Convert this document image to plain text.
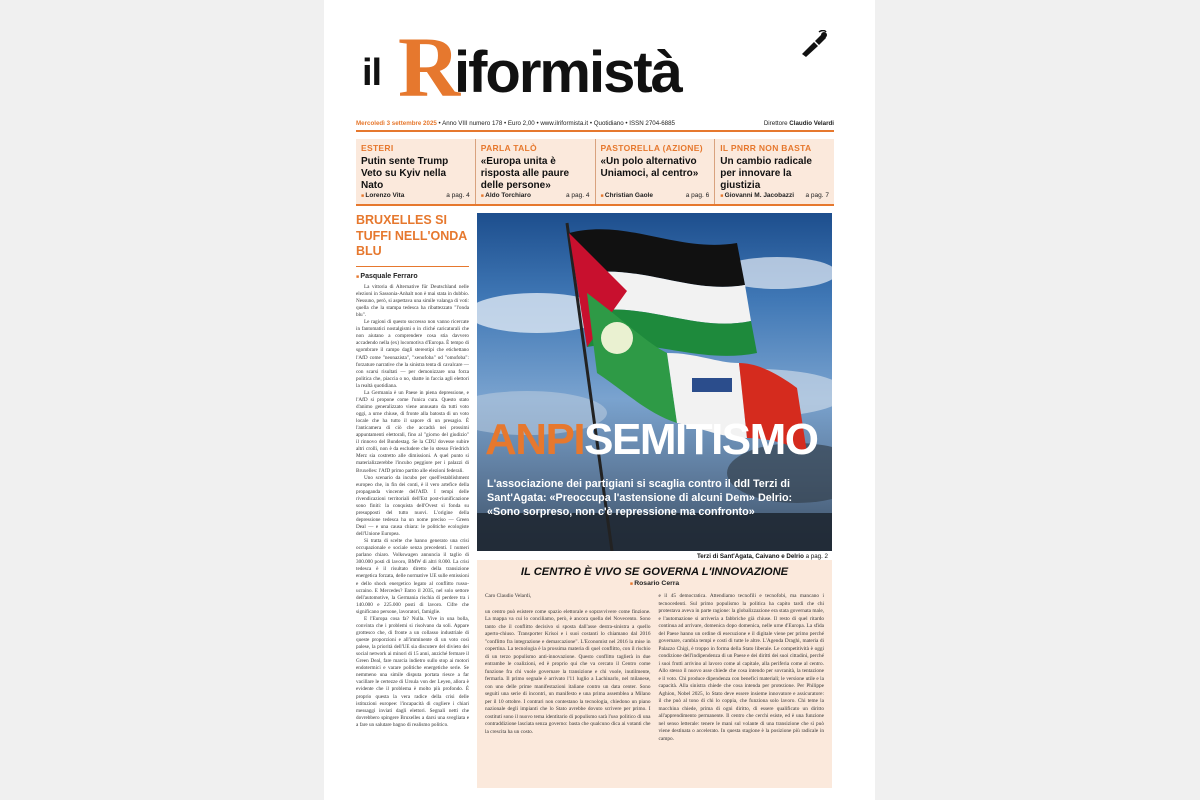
il R
iformistà
Mercoledì 3 settembre 2025 • Anno VIII numero 178 • Euro 2,00 • www.ilriformista.it • Quotidiano • ISSN 2704-6885	Direttore Claudio Velardi
ESTERI
Putin sente Trump Veto su Kyiv nella Nato
■ Lorenzo Vita	a pag. 4
PARLA TALÒ
«Europa unita è risposta alle paure delle persone»
■ Aldo Torchiaro	a pag. 4
PASTORELLA (AZIONE)
«Un polo alternativo Uniamoci, al centro»
■ Christian Gaole	a pag. 6
IL PNRR NON BASTA
Un cambio radicale per innovare la giustizia
■ Giovanni M. Jacobazzi a pag. 7
BRUXELLES SI TUFFI NELL'ONDA BLU
■ Pasquale Ferraro

La vittoria di Alternative für Deutschland nelle elezioni in Sassonia-Anhalt non è mai stata in dubbio. Nessuno, però, si aspettava una simile valanga di voti: quella che la stampa tedesca ha ribattezzato "l'onda blu".

Le ragioni di questo successo non vanno ricercate in fantomatici nostalgismi o in cliché caricaturali che non aiutano a comprendere cosa stia davvero accadendo nella (ex) locomotiva d'Europa. È tempo di sgombrare il campo dagli stereotipi che etichettano l'AfD come "neonazista", "xenofoba" od "omofoba": forzature narrative che la sinistra tenta di cavalcare — con scarsi risultati — per demonizzare una forza politica che, piaccia o no, sbatte in faccia agli elettori la realtà quotidiana.

La Germania è un Paese in piena depressione, e l'AfD si propone come l'unica cura. Questo stato d'animo generalizzato viene annusato da tutti voto oggi, a urne chiuse, di fronte alla batosta di un voto locale che ha tutto il sapore di un presagio. È l'anticamera di ciò che accadrà nei prossimi appuntamenti elettorali, fino al "giorno del giudizio" il rinnovo del Bundestag. Se la CDU dovesse subire altri crolli, non è da escludere che lo stesso Friedrich Merz sia costretto alle dimissioni. A quel punto si materializzerebbe l'incubo peggiore per i palazzi di Bruxelles: l'AfD primo partito alle elezioni federali.

Uno scenario da incubo per quell'establishment europeo che, in fin dei conti, è il vero artefice della propaganda vincente dell'AfD. I tempi delle rivendicazioni territoriali dell'Est post-riunificazione sono finiti: la conquista dell'Ovest si fonda su presupposti del tutto nuovi. L'origine della depressione tedesca ha un nome preciso — Green Deal — e una causa chiara: le politiche ecologiste dell'Unione Europea.

Si tratta di scelte che hanno generato una crisi occupazionale e sociale senza precedenti. I numeri parlano chiaro. Volkswagen annuncia il taglio di 300.000 posti di lavoro, BMW di altri 8.000. La crisi tedesca è il risultato diretto della transizione energetica forzata, delle normative UE sulle emissioni e dello shock energetico legato al conflitto russo-ucraino. E Mercedes? Entro il 2035, nel solo settore dell'automotive, la Germania rischia di perdere tra i 140.000 e 225.000 posti di lavoro. Cifre che significano persone, lavoratori, famiglie.

E l'Europa cosa fa? Nulla. Vive in una bolla, convinta che i problemi si risolvano da soli. Appare grottesco che, di fronte a un collasso industriale di queste proporzioni e all'imminente di un voto così palese, la priorità dell'UE sia discutere del divieto dei social network ai minori di 15 anni, anziché fermare il Green Deal, fare marcia indietro sullo stop ai motori endotermici e varare politiche energetiche serie. Se nemmeno una simile disputa portata riesce a far vacillare le certezze di Ursula von der Leyen, allora è evidente che il problema è molto più profondo. È proprio questa la vera radice della crisi delle istituzioni europee: l'incapacità di cogliere i chiari messaggi inviati dagli elettori. Segnali netti che dovrebbero spingere Bruxelles a darsi una svegliata e a fare un salutare bagno di realismo politico.

ANPISEMITISMO
L'associazione dei partigiani si scaglia contro il ddl Terzi di Sant'Agata: «Preoccupa l'astensione di alcuni Dem» Delrio: «Sono sorpreso, non c'è repressione ma confronto»
Terzi di Sant'Agata, Caivano e Delrio a pag. 2
IL CENTRO È VIVO SE GOVERNA L'INNOVAZIONE
■ Rosario Cerra
Caro Claudio Velardi,
un centro può esistere come spazio elettorale e sopravvivere come finzione. La mappa va cui lo conciliamo, però, è ancora quella del Novecento. Sono tanto che il conflitto decisivo si sposta dall'asse destra-sinistra a quello aperto-chiuso. Transporter Krisoi e i suoi costanti lo chiamano dal 2016 "conflitto fra integrazione e demarcazione". L'Economist nel 2016 la mise in copertina. La tecnologia è la prossima materia di quel conflitto, con il rischio di un terzo populismo anti-innovazione. Questo conflitto taglierà in due entrambe le coalizioni, ed è proprio qui che va cercato il Centro come funzione fra chi vuole governare la transizione e chi vuole, inutilmente, fermarla. Il primo segnale è arrivato l'11 luglio a Lachinarlo, nel milanese, con uno delle prime manifestazioni italiane contro un data center. Sono seguiti una serie di incontri, un manifesto e una prima assemblea a Milano per il 10 ottobre. I contrari non contestano la tecnologia, chiedono un piano nazionale degli impianti che lo Stato avrebbe dovuto scrivere per primo. I costituti sono il nuovo tema identitario di populismo sarà l'uso politico di una contraddizione lasciata senza governo: basta che qualcuno dica ai votanti che la crescita ha un costo.
e il 45 democratica. Attendiamo tecnofili e tecnofobi, ma mancano i tecnocedenti. Sul primo populismo la politica ha capito tardi che chi protestava aveva in parte ragione: la globalizzazione era stata governata male, e l'automazione si arriveria a fabbriche già chiuse. Il resto di quel ritardo continua ad arrivare, domenica dopo domenica, nelle urne d'Europa. La sfida del Paese hanno un ordine di esecuzione e il digitale viene per primo perché governare, cambia tempi e costi di tutte le altre. L'Agenda Draghi, materia di Palazzo Chigi, è troppo in forma della Stato liberale. Le competitività è oggi condizione dell'indipendenza di un Paese e dei diritti dei suoi cittadini, perché i suoi frutti arrivino al lavoro come al capitale, alla periferia come al centro. Allo stesso il nuovo asse chiede che cosa intendo per sovranità, la tentazione e il voto. Chi produce dipendenza con benefici materiali; le versione utile e la capacità. Alla sinistra chiede che cosa intenda per protezione. Per Philippe Aghion, Nobel 2025, lo Stato deve essere insieme innovatore e assicuratore: il che può al tono di chi lo coppia, che funziona solo lavoro. Chi teme la macchina chiede, prima di ogni diritto, di essere qualificato un diritto all'apprendimento permanente. Il centro che cerchi esiste, ed è una funzione nel senso letterale: tenere le mani sul volante di una transizione che sì può viene destinata o accelerato. In questa stagione è la posizione più radicale in campo.
